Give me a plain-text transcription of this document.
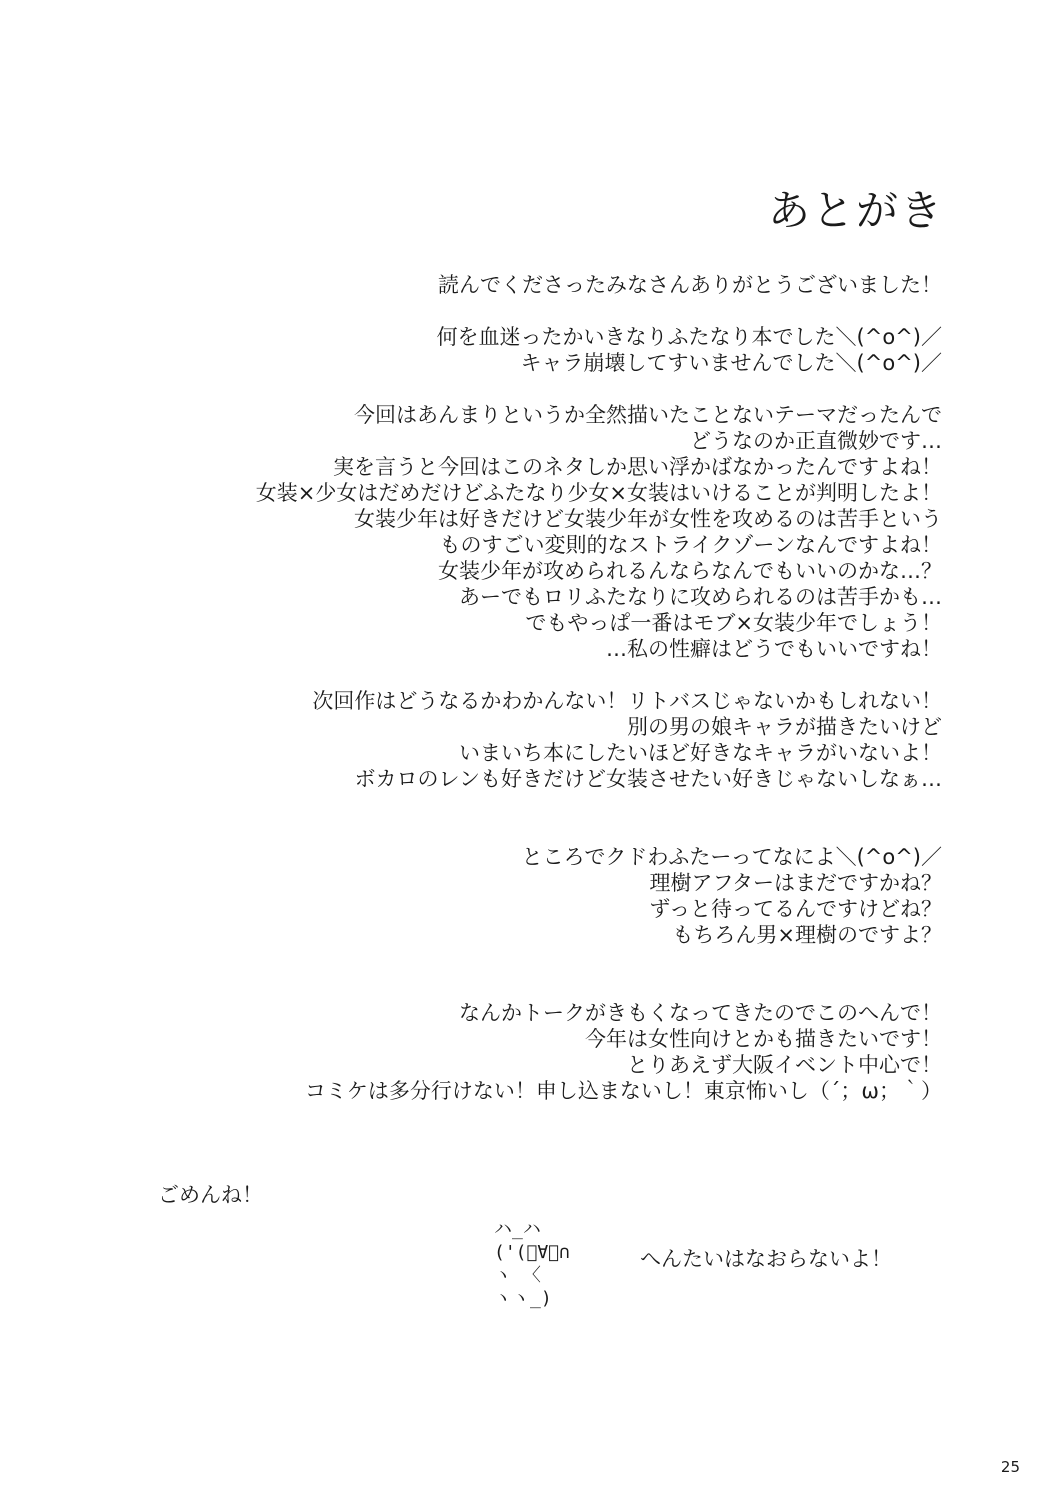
あとがき

読んでくださったみなさんありがとうございました！

何を血迷ったかいきなりふたなり本でした＼(^o^)／
キャラ崩壊してすいませんでした＼(^o^)／

今回はあんまりというか全然描いたことないテーマだったんで
どうなのか正直微妙です…
実を言うと今回はこのネタしか思い浮かばなかったんですよね！
女装×少女はだめだけどふたなり少女×女装はいけることが判明したよ！
女装少年は好きだけど女装少年が女性を攻めるのは苦手という
ものすごい変則的なストライクゾーンなんですよね！
女装少年が攻められるんならなんでもいいのかな…？
あーでもロリふたなりに攻められるのは苦手かも…
でもやっぱ一番はモブ×女装少年でしょう！
…私の性癖はどうでもいいですね！

次回作はどうなるかわかんない！リトバスじゃないかもしれない！
別の男の娘キャラが描きたいけど
いまいち本にしたいほど好きなキャラがいないよ！
ボカロのレンも好きだけど女装させたい好きじゃないしなぁ…

ところでクドわふたーってなによ＼(^o^)／
理樹アフターはまだですかね？
ずっと待ってるんですけどね？
もちろん男×理樹のですよ？

なんかトークがきもくなってきたのでこのへんで！
今年は女性向けとかも描きたいです！
とりあえず大阪イベント中心で！
コミケは多分行けない！申し込まないし！東京怖いし（´；ω；｀）

ごめんね！
ハ_ハ
('(ﾟ∀ﾟ∩
ヽ 〈
ヽヽ_)
へんたいはなおらないよ！
25
